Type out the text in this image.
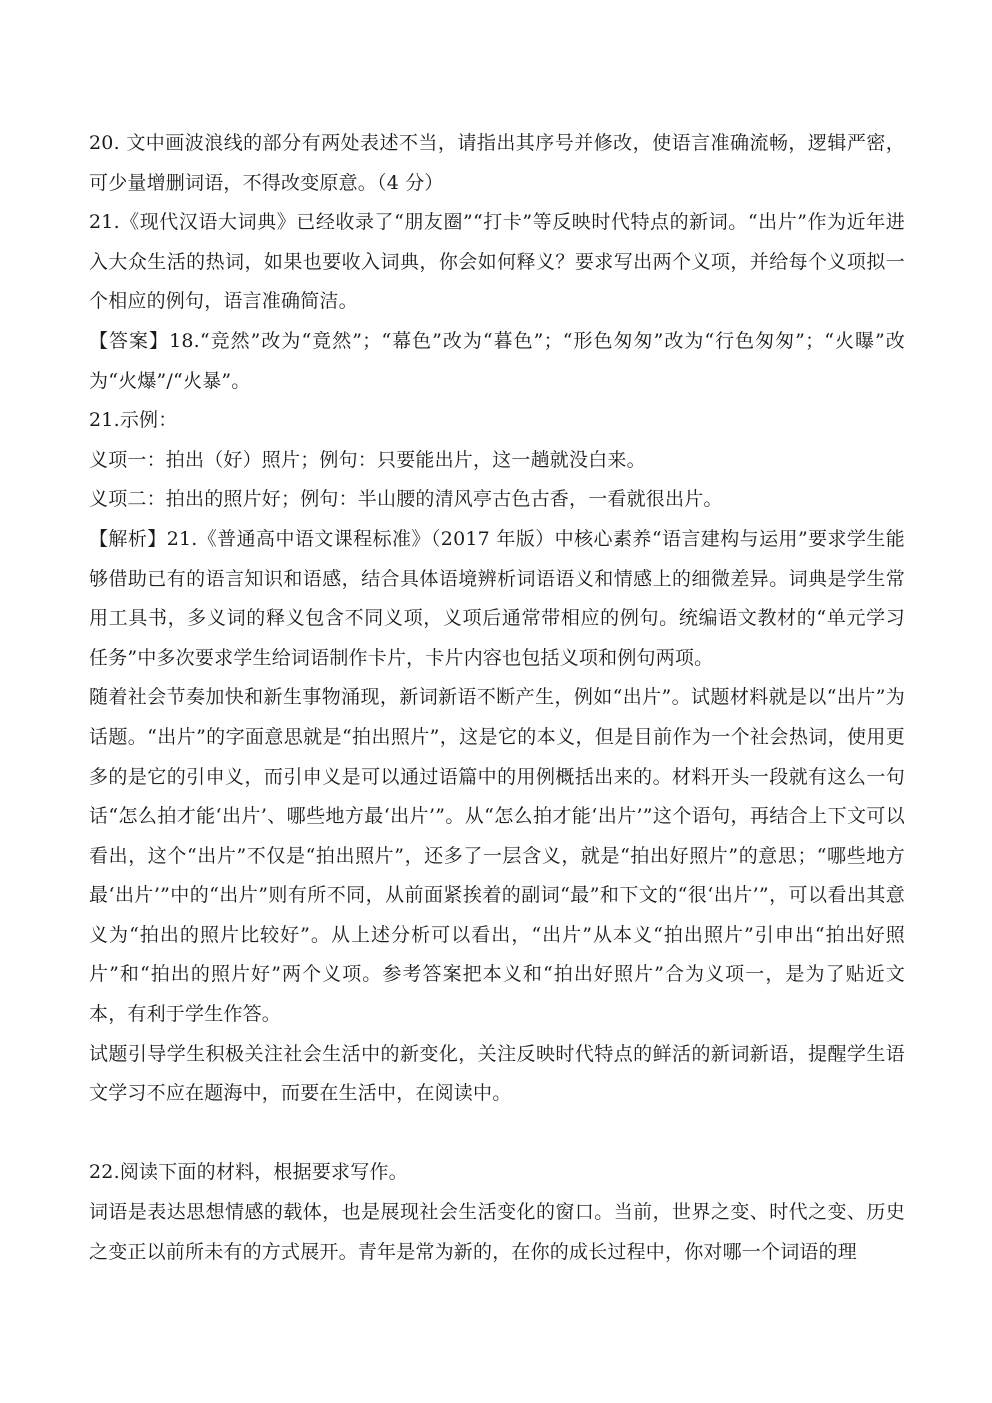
20. 文中画波浪线的部分有两处表述不当，请指出其序号并修改，使语言准确流畅，逻辑严密，可少量增删词语，不得改变原意。（4 分）

21.《现代汉语大词典》已经收录了“朋友圈”“打卡”等反映时代特点的新词。“出片”作为近年进入大众生活的热词，如果也要收入词典，你会如何释义？要求写出两个义项，并给每个义项拟一个相应的例句，语言准确简洁。

【答案】18.“竞然”改为“竟然”；“幕色”改为“暮色”；“形色匆匆”改为“行色匆匆”；“火曝”改为“火爆”/“火暴”。

21.示例：

义项一：拍出（好）照片；例句：只要能出片，这一趟就没白来。

义项二：拍出的照片好；例句：半山腰的清风亭古色古香，一看就很出片。

【解析】21.《普通高中语文课程标准》（2017 年版）中核心素养“语言建构与运用”要求学生能够借助已有的语言知识和语感，结合具体语境辨析词语语义和情感上的细微差异。词典是学生常用工具书，多义词的释义包含不同义项，义项后通常带相应的例句。统编语文教材的“单元学习任务”中多次要求学生给词语制作卡片，卡片内容也包括义项和例句两项。

随着社会节奏加快和新生事物涌现，新词新语不断产生，例如“出片”。试题材料就是以“出片”为话题。“出片”的字面意思就是“拍出照片”，这是它的本义，但是目前作为一个社会热词，使用更多的是它的引申义，而引申义是可以通过语篇中的用例概括出来的。材料开头一段就有这么一句话“怎么拍才能‘出片’、哪些地方最‘出片’”。从“怎么拍才能‘出片’”这个语句，再结合上下文可以看出，这个“出片”不仅是“拍出照片”，还多了一层含义，就是“拍出好照片”的意思；“哪些地方最‘出片’”中的“出片”则有所不同，从前面紧挨着的副词“最”和下文的“很‘出片’”，可以看出其意义为“拍出的照片比较好”。从上述分析可以看出，“出片”从本义“拍出照片”引申出“拍出好照片”和“拍出的照片好”两个义项。参考答案把本义和“拍出好照片”合为义项一，是为了贴近文本，有利于学生作答。

试题引导学生积极关注社会生活中的新变化，关注反映时代特点的鲜活的新词新语，提醒学生语文学习不应在题海中，而要在生活中，在阅读中。

22.阅读下面的材料，根据要求写作。

词语是表达思想情感的载体，也是展现社会生活变化的窗口。当前，世界之变、时代之变、历史之变正以前所未有的方式展开。青年是常为新的，在你的成长过程中，你对哪一个词语的理
